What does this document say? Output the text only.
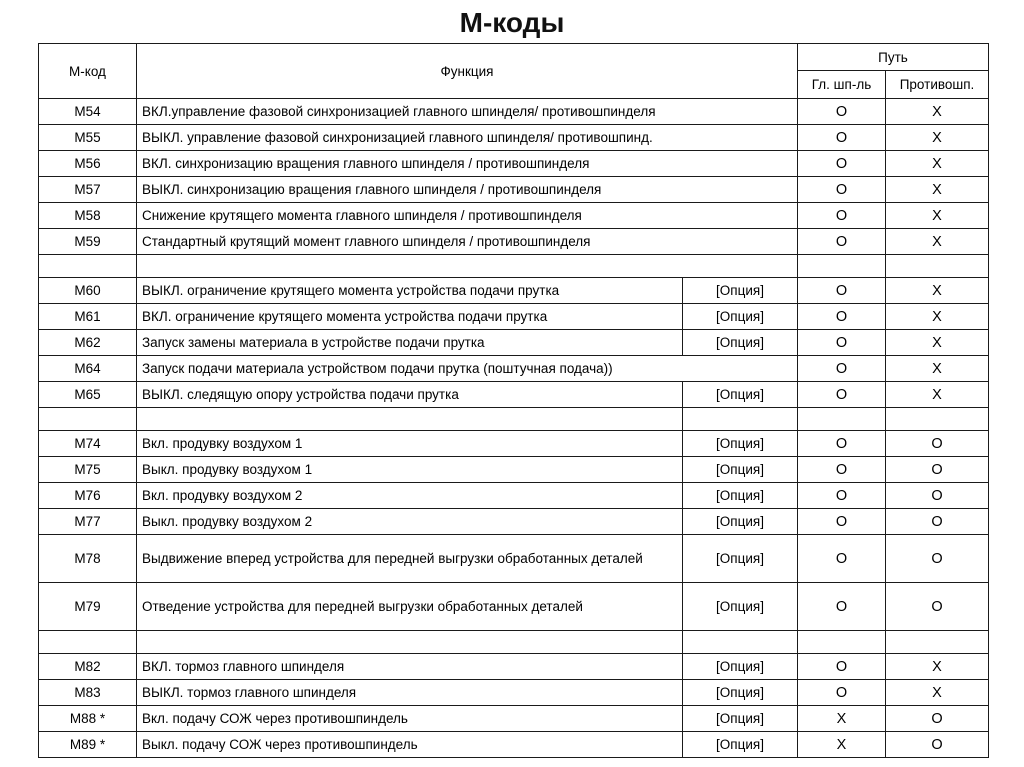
М-коды
М-код	Функция		Путь	
			Гл. шп-ль	Противошп.
M54	ВКЛ.управление фазовой синхронизацией главного шпинделя/ противошпинделя		O	X
M55	ВЫКЛ. управление фазовой синхронизацией главного шпинделя/ противошпинд.		O	X
M56	ВКЛ. синхронизацию вращения главного шпинделя / противошпинделя		O	X
M57	ВЫКЛ. синхронизацию вращения главного шпинделя / противошпинделя		O	X
M58	Снижение крутящего момента главного шпинделя / противошпинделя		O	X
M59	Стандартный крутящий момент главного шпинделя / противошпинделя		O	X

M60	ВЫКЛ. ограничение крутящего момента устройства подачи прутка	[Опция]	O	X
M61	ВКЛ. ограничение крутящего момента устройства подачи прутка	[Опция]	O	X
M62	Запуск замены материала в устройстве подачи прутка	[Опция]	O	X
M64	Запуск подачи материала устройством подачи прутка (поштучная подача))		O	X
M65	ВЫКЛ. следящую опору устройства подачи прутка	[Опция]	O	X

M74	Вкл. продувку воздухом 1	[Опция]	O	O
M75	Выкл. продувку воздухом 1	[Опция]	O	O
M76	Вкл. продувку воздухом 2	[Опция]	O	O
M77	Выкл. продувку воздухом 2	[Опция]	O	O
M78	Выдвижение вперед устройства для передней выгрузки обработанных деталей	[Опция]	O	O
M79	Отведение устройства для передней выгрузки обработанных деталей	[Опция]	O	O

M82	ВКЛ. тормоз главного шпинделя	[Опция]	O	X
M83	ВЫКЛ. тормоз главного шпинделя	[Опция]	O	X
M88 *	Вкл. подачу СОЖ через противошпиндель	[Опция]	X	O
M89 *	Выкл. подачу СОЖ через противошпиндель	[Опция]	X	O
